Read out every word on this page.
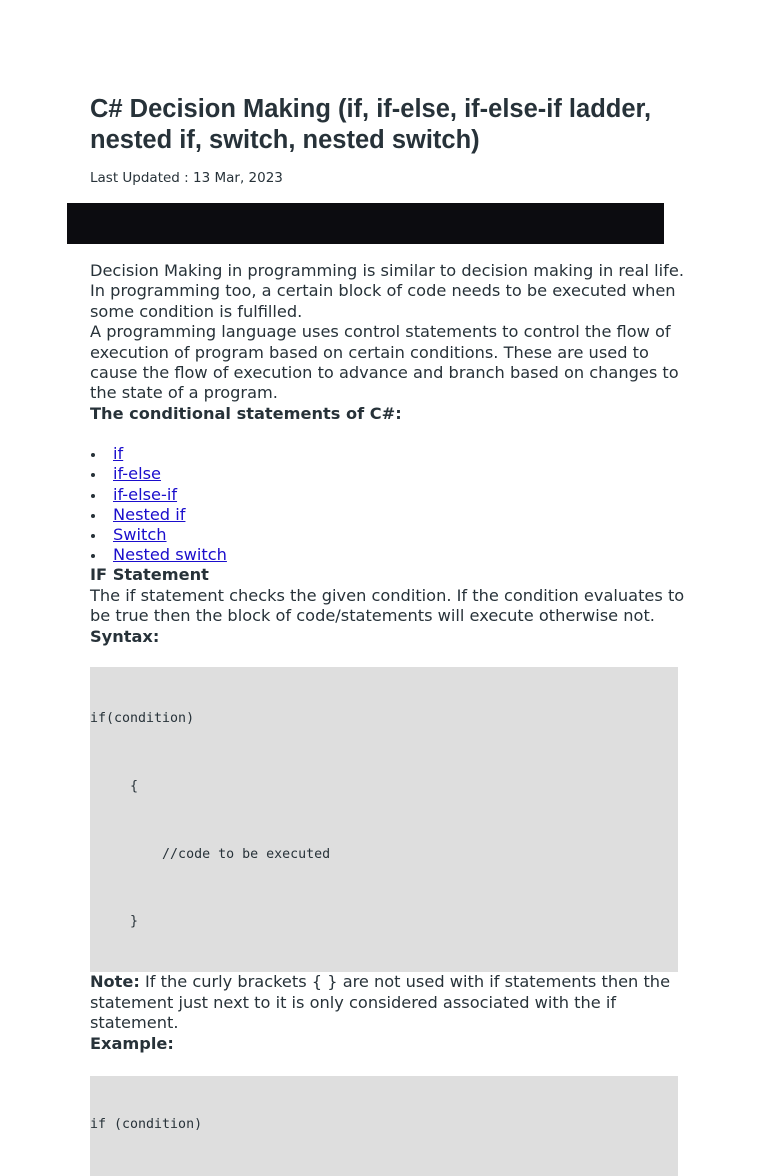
C# Decision Making (if, if-else, if-else-if ladder, nested if, switch, nested switch)
Last Updated : 13 Mar, 2023

Decision Making in programming is similar to decision making in real life. In programming too, a certain block of code needs to be executed when some condition is fulfilled.

A programming language uses control statements to control the flow of execution of program based on certain conditions. These are used to cause the flow of execution to advance and branch based on changes to the state of a program.

The conditional statements of C#:

if
if-else
if-else-if
Nested if
Switch
Nested switch

IF Statement

The if statement checks the given condition. If the condition evaluates to be true then the block of code/statements will execute otherwise not.

Syntax:

if(condition)

{

//code to be executed

}

Note: If the curly brackets { } are not used with if statements then the statement just next to it is only considered associated with the if statement.

Example:

if (condition)
